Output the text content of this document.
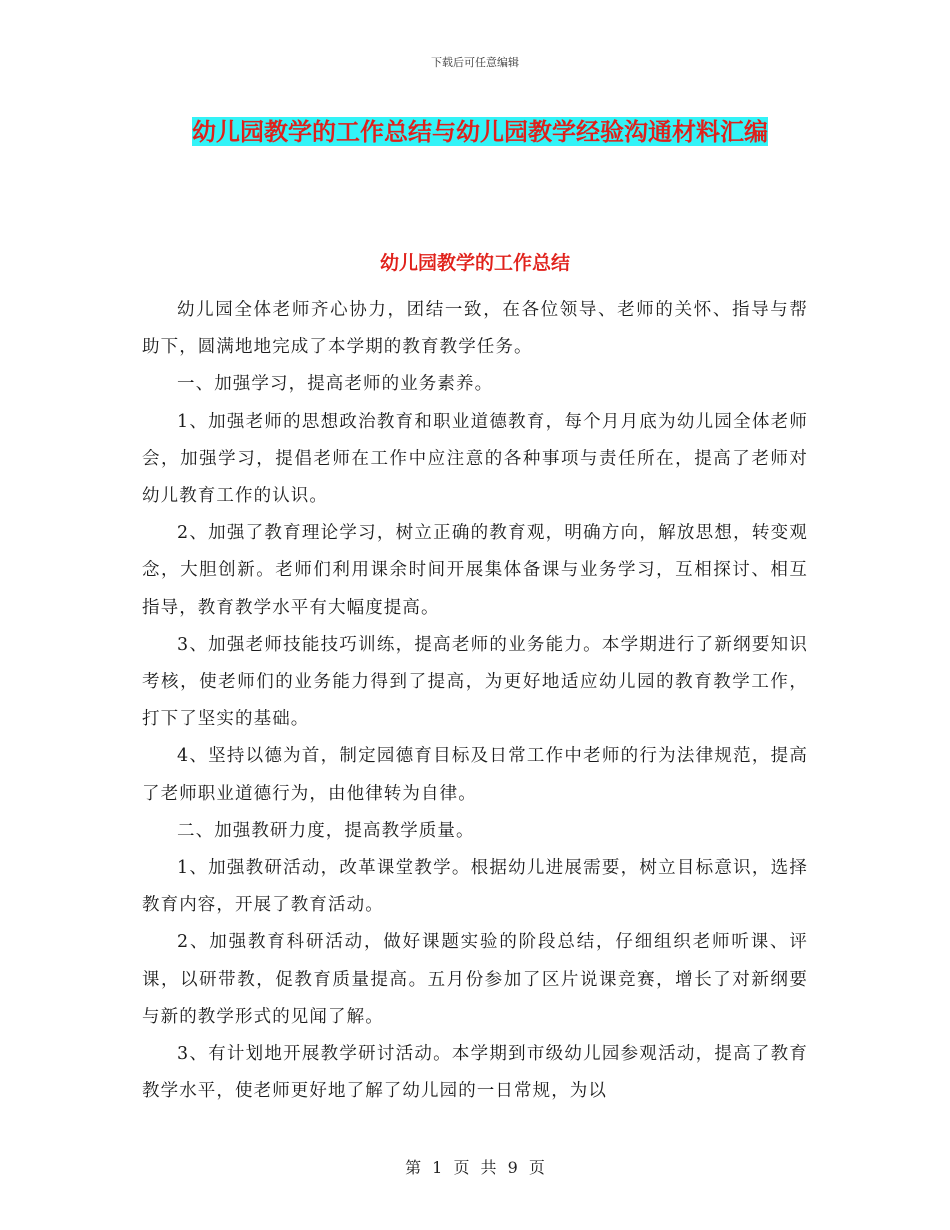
下载后可任意编辑
幼儿园教学的工作总结与幼儿园教学经验沟通材料汇编
幼儿园教学的工作总结

幼儿园全体老师齐心协力，团结一致，在各位领导、老师的关怀、指导与帮助下，圆满地地完成了本学期的教育教学任务。

一、加强学习，提高老师的业务素养。

1、加强老师的思想政治教育和职业道德教育，每个月月底为幼儿园全体老师会，加强学习，提倡老师在工作中应注意的各种事项与责任所在，提高了老师对幼儿教育工作的认识。

2、加强了教育理论学习，树立正确的教育观，明确方向，解放思想，转变观念，大胆创新。老师们利用课余时间开展集体备课与业务学习，互相探讨、相互指导，教育教学水平有大幅度提高。

3、加强老师技能技巧训练，提高老师的业务能力。本学期进行了新纲要知识考核，使老师们的业务能力得到了提高，为更好地适应幼儿园的教育教学工作，打下了坚实的基础。

4、坚持以德为首，制定园德育目标及日常工作中老师的行为法律规范，提高了老师职业道德行为，由他律转为自律。

二、加强教研力度，提高教学质量。

1、加强教研活动，改革课堂教学。根据幼儿进展需要，树立目标意识，选择教育内容，开展了教育活动。

2、加强教育科研活动，做好课题实验的阶段总结，仔细组织老师听课、评课，以研带教，促教育质量提高。五月份参加了区片说课竞赛，增长了对新纲要与新的教学形式的见闻了解。

3、有计划地开展教学研讨活动。本学期到市级幼儿园参观活动，提高了教育教学水平，使老师更好地了解了幼儿园的一日常规，为以

第 1 页 共 9 页
